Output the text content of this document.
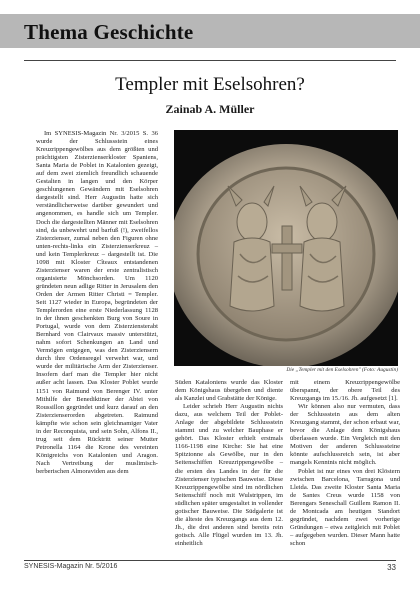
Thema Geschichte
Templer mit Eselsohren?
Zainab A. Müller

Im SYNESIS-Magazin Nr. 3/2015 S. 36 wurde der Schlussstein eines Kreuzrippengewölbes aus dem größten und prächtigsten Zisterzienserkloster Spaniens, Santa Maria de Poblet in Katalonien gezeigt, auf dem zwei ziemlich freundlich schauende Gestalten in langen und den Körper geschlungenen Gewändern mit Eselsohren dargestellt sind. Herr Augustin hatte sich verständlicherweise darüber gewundert und angenommen, es handle sich um Templer. Doch die dargestellten Männer mit Eselsohren sind, da unbewehrt und barfuß (!), zweifellos Zisterzienser, zumal neben den Figuren ohne unten-rechts-links ein Zisterzienserkreuz – und kein Templerkreuz – dargestellt ist. Die 1098 mit Kloster Cîteaux entstandenen Zisterzienser waren der erste zentralistisch organisierte Mönchsorden. Um 1120 gründeten neun adlige Ritter in Jerusalem den Orden der Armen Ritter Christi = Templer. Seit 1127 wieder in Europa, begründeten der Templerorden eine erste Niederlassung 1128 in der ihnen geschenkten Burg von Soure in Portugal, wurde von dem Zisterziensterabt Bernhard von Clairvaux massiv unterstützt, nahm sofort Schenkungen an Land und Vermögen entgegen, was den Zisterziensern durch ihre Ordensregel verwehrt war, und wurde der militärische Arm der Zisterzienser. Insofern darf man die Templer hier nicht außer acht lassen. Das Kloster Poblet wurde 1151 von Raimund von Berenger IV. unter Mithilfe der Benediktiner der Abtei von Roussillon gegründet und kurz darauf an den Zisterzienserorden abgetreten. Raimund kämpfte wie schon sein gleichnamiger Vater in der Reconquista, und sein Sohn, Alfons II., trug seit dem Rücktritt seiner Mutter Petronella 1164 die Krone des vereinten Königreichs von Katalonien und Aragon. Nach Vertreibung der muslimisch-berberischen Almoraviden aus dem

Die „Templer mit den Eselsohren" (Foto: Augustin)

Süden Kataloniens wurde das Kloster dem Königshaus übergeben und diente als Kanzlei und Grabstätte der Könige.

Leider schrieb Herr Augustin nichts dazu, aus welchem Teil der Poblet-Anlage der abgebildete Schlussstein stammt und zu welcher Bauphase er gehört. Das Kloster erhielt erstmals 1166-1198 eine Kirche: Sie hat eine Spitztonne als Gewölbe, nur in den Seitenschiffen Kreuzrippengewölbe – die ersten des Landes in der für die Zisterzienser typischen Bauweise. Diese Kreuzrippengewölbe sind im nördlichen Seitenschiff noch mit Wulstrippen, im südlichen später umgestaltet in vollender gotischer Bauweise. Die Südgalerie ist die älteste des Kreuzgangs aus dem 12. Jh., die drei anderen sind bereits rein gotisch. Alle Flügel wurden im 13. Jh. einheitlich

mit einem Kreuzrippengewölbe überspannt, der obere Teil des Kreuzgangs im 15./16. Jh. aufgesetzt [1].

Wir können also nur vermuten, dass der Schlussstein aus dem alten Kreuzgang stammt, der schon erbaut war, bevor die Anlage dem Königshaus überlassen wurde. Ein Vergleich mit den Motiven der anderen Schlusssteine könnte aufschlussreich sein, ist aber mangels Kenntnis nicht möglich.

Poblet ist nur eines von drei Klöstern zwischen Barcelona, Tarragona und Lleida. Das zweite Kloster Santa Maria de Santes Creus wurde 1158 von Berengars Seneschall Guillem Ramon II. de Montcada am heutigen Standort gegründet, nachdem zwei vorherige Gründungen – etwa zeitgleich mit Poblet – aufgegeben wurden. Dieser Mann hatte schon

SYNESIS-Magazin Nr. 5/2016	33
